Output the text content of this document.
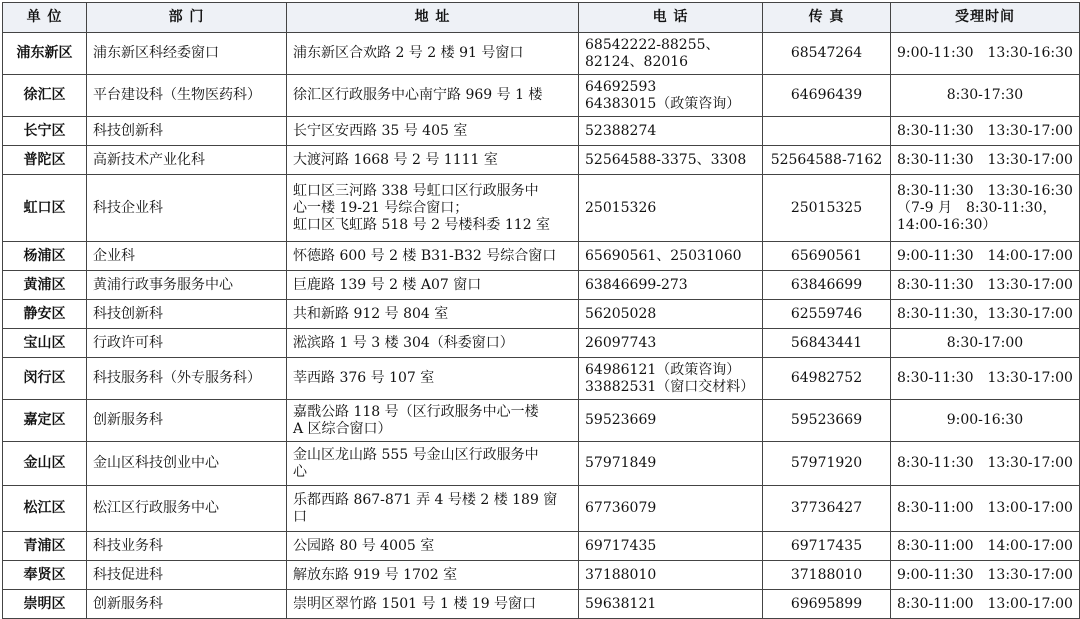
单 位	部 门	地 址	电 话	传 真	受理时间
浦东新区	浦东新区科经委窗口	浦东新区合欢路 2 号 2 楼 91 号窗口	68542222-88255、
82124、82016	68547264	9:00-11:30　13:30-16:30

徐汇区	平台建设科（生物医药科）	徐汇区行政服务中心南宁路 969 号 1 楼	64692593
64383015（政策咨询）	64696439	8:30-17:30

长宁区	科技创新科	长宁区安西路 35 号 405 室	52388274		8:30-11:30　13:30-17:00

普陀区	高新技术产业化科	大渡河路 1668 号 2 号 1111 室	52564588-3375、3308	52564588-7162	8:30-11:30　13:30-17:00

虹口区	科技企业科	虹口区三河路 338 号虹口区行政服务中
心一楼 19-21 号综合窗口；
虹口区飞虹路 518 号 2 号楼科委 112 室	25015326	25015325	8:30-11:30　13:30-16:30
（7-9 月　8:30-11:30，
14:00-16:30）

杨浦区	企业科	怀德路 600 号 2 楼 B31-B32 号综合窗口	65690561、25031060	65690561	9:00-11:30　14:00-17:00

黄浦区	黄浦行政事务服务中心	巨鹿路 139 号 2 楼 A07 窗口	63846699-273	63846699	8:30-11:30　13:30-17:00

静安区	科技创新科	共和新路 912 号 804 室	56205028	62559746	8:30-11:30，13:30-17:00

宝山区	行政许可科	淞滨路 1 号 3 楼 304（科委窗口）	26097743	56843441	8:30-17:00

闵行区	科技服务科（外专服务科）	莘西路 376 号 107 室	64986121（政策咨询）
33882531（窗口交材料）	64982752	8:30-11:30　13:30-17:00

嘉定区	创新服务科	嘉戬公路 118 号（区行政服务中心一楼
A 区综合窗口）	59523669	59523669	9:00-16:30

金山区	金山区科技创业中心	金山区龙山路 555 号金山区行政服务中
心	57971849	57971920	8:30-11:30　13:30-17:00

松江区	松江区行政服务中心	乐都西路 867-871 弄 4 号楼 2 楼 189 窗
口	67736079	37736427	8:30-11:00　13:00-17:00

青浦区	科技业务科	公园路 80 号 4005 室	69717435	69717435	8:30-11:00　14:00-17:00

奉贤区	科技促进科	解放东路 919 号 1702 室	37188010	37188010	9:00-11:30　13:30-17:00

崇明区	创新服务科	崇明区翠竹路 1501 号 1 楼 19 号窗口	59638121	69695899	8:30-11:00　13:00-17:00
